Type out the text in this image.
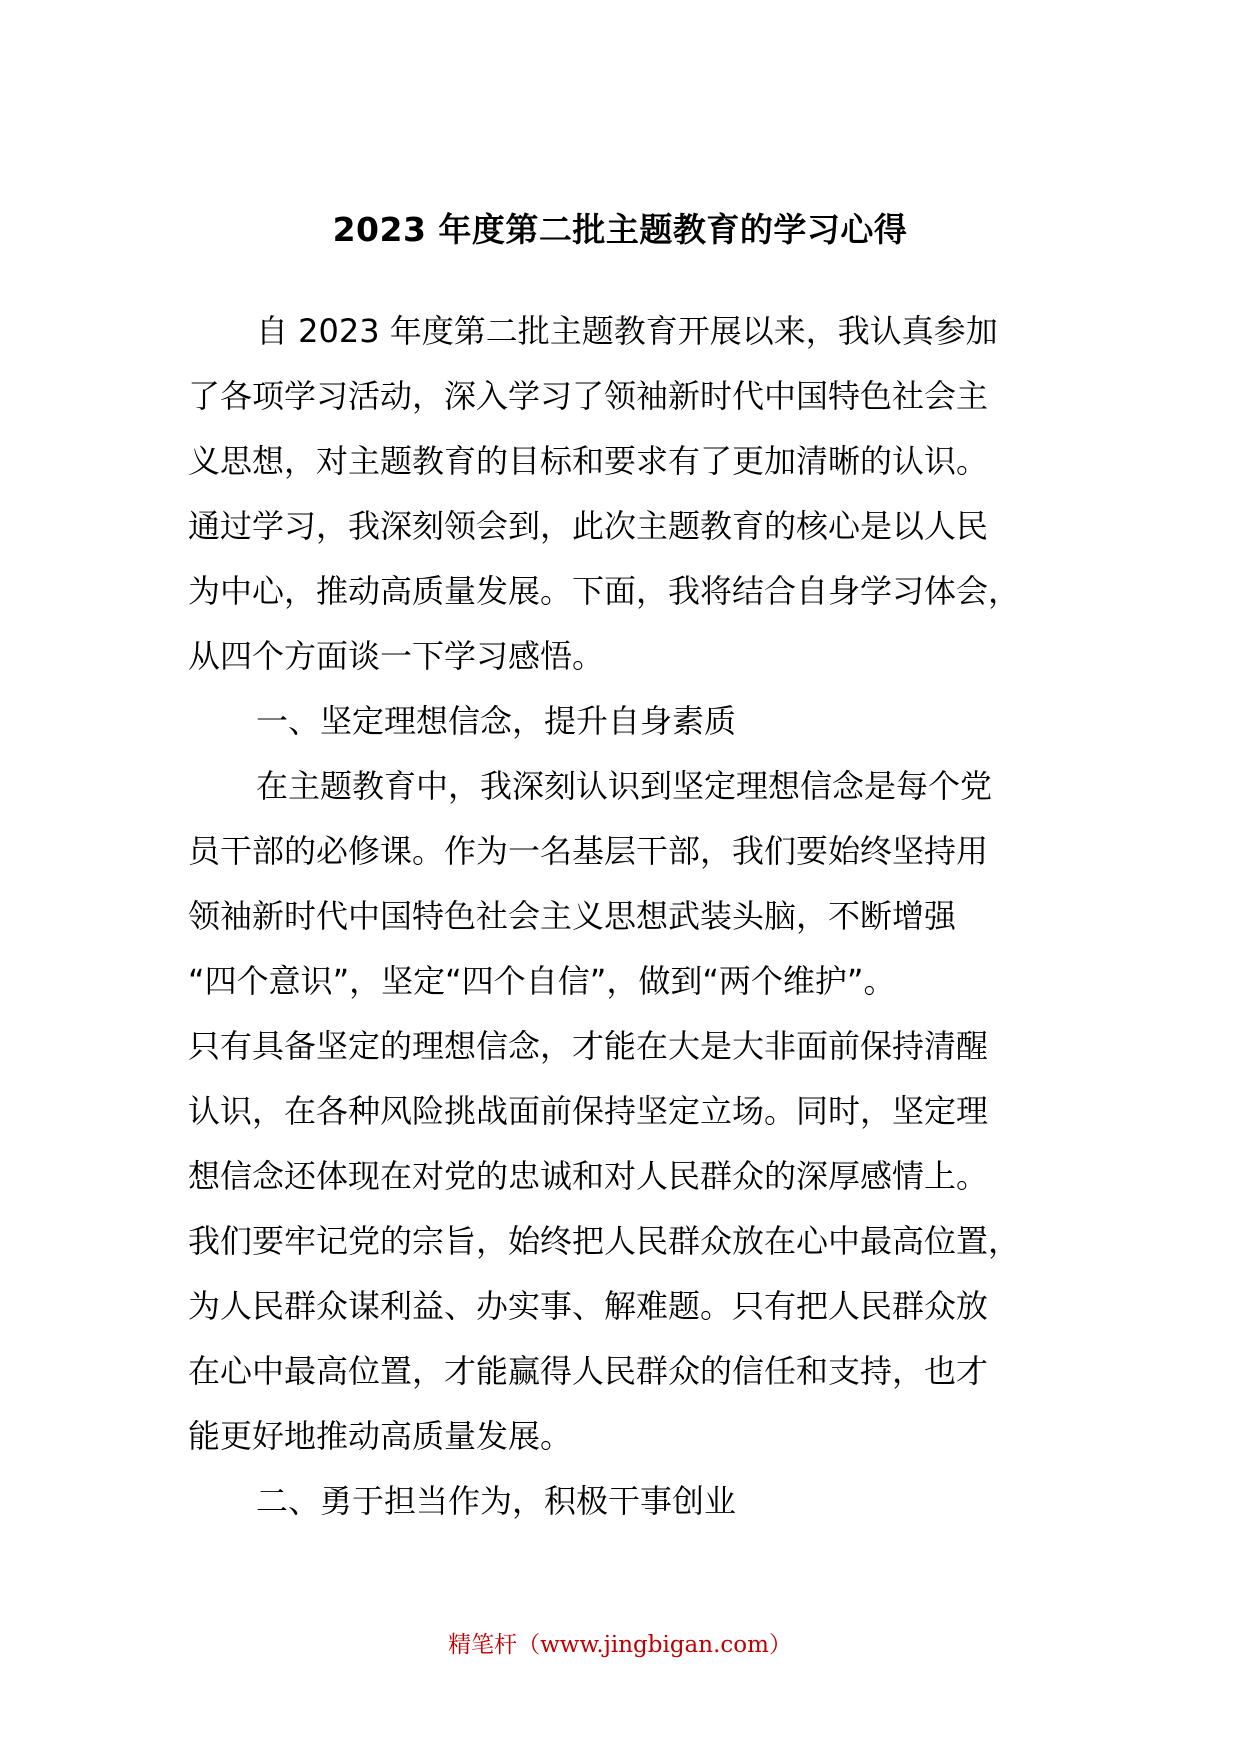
2023 年度第二批主题教育的学习心得
自 2023 年度第二批主题教育开展以来，我认真参加
了各项学习活动，深入学习了领袖新时代中国特色社会主
义思想，对主题教育的目标和要求有了更加清晰的认识。
通过学习，我深刻领会到，此次主题教育的核心是以人民
为中心，推动高质量发展。下面，我将结合自身学习体会，
从四个方面谈一下学习感悟。
一、坚定理想信念，提升自身素质
在主题教育中，我深刻认识到坚定理想信念是每个党
员干部的必修课。作为一名基层干部，我们要始终坚持用
领袖新时代中国特色社会主义思想武装头脑，不断增强
“四个意识”，坚定“四个自信”，做到“两个维护”。
只有具备坚定的理想信念，才能在大是大非面前保持清醒
认识，在各种风险挑战面前保持坚定立场。同时，坚定理
想信念还体现在对党的忠诚和对人民群众的深厚感情上。
我们要牢记党的宗旨，始终把人民群众放在心中最高位置，
为人民群众谋利益、办实事、解难题。只有把人民群众放
在心中最高位置，才能赢得人民群众的信任和支持，也才
能更好地推动高质量发展。
二、勇于担当作为，积极干事创业
精笔杆（www.jingbigan.com）
